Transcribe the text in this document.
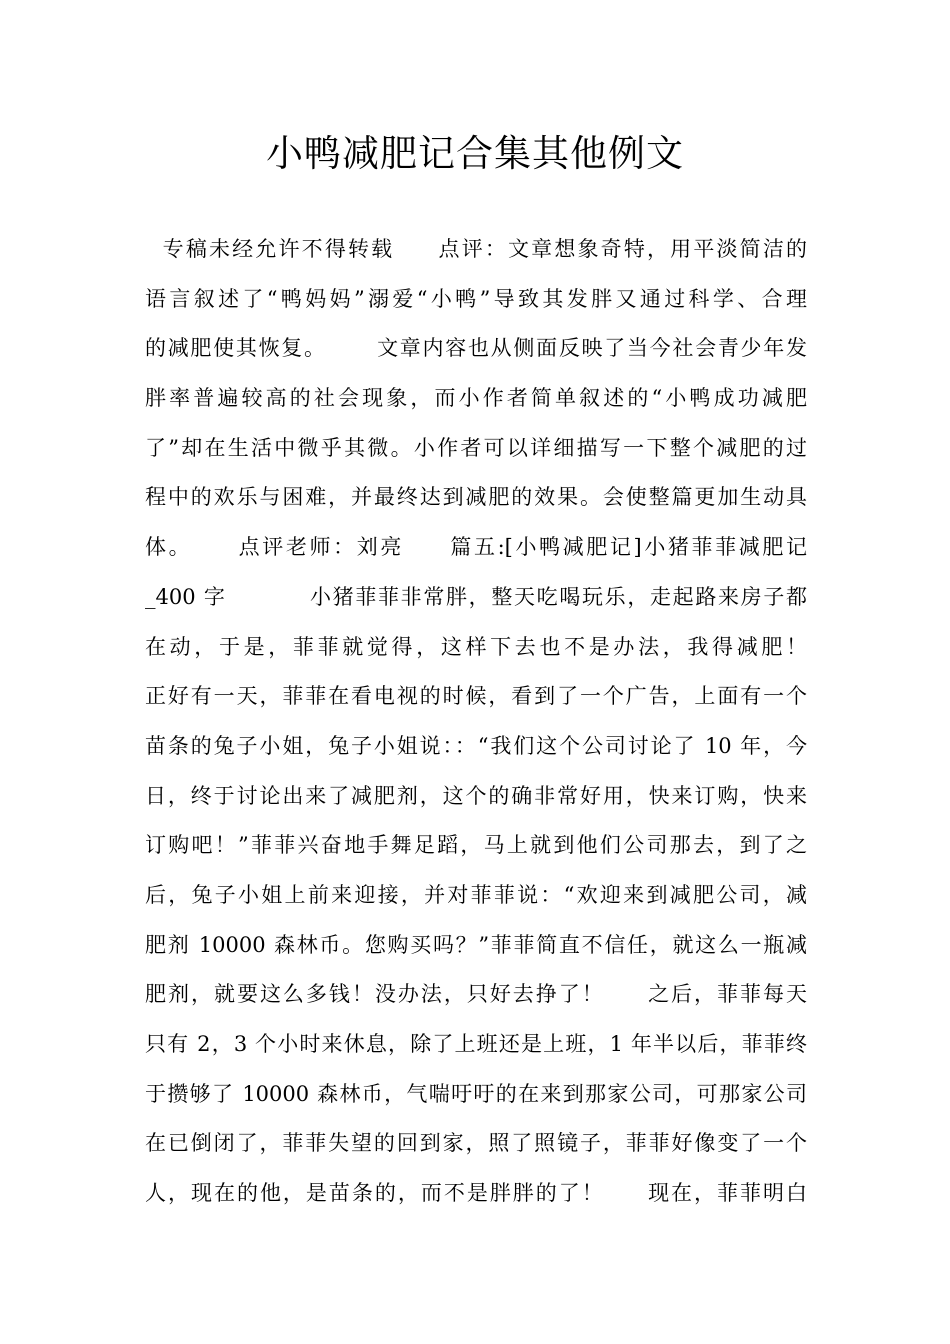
小鸭减肥记合集其他例文
专稿未经允许不得转载     点评：文章想象奇特，用平淡简洁的
语言叙述了“鸭妈妈”溺爱“小鸭”导致其发胖又通过科学、合理
的减肥使其恢复。      文章内容也从侧面反映了当今社会青少年发
胖率普遍较高的社会现象，而小作者简单叙述的“小鸭成功减肥
了”却在生活中微乎其微。小作者可以详细描写一下整个减肥的过
程中的欢乐与困难，并最终达到减肥的效果。会使整篇更加生动具
体。     点评老师：刘亮     篇五:[小鸭减肥记]小猪菲菲减肥记
_400 字          小猪菲菲非常胖，整天吃喝玩乐，走起路来房子都
在动，于是，菲菲就觉得，这样下去也不是办法，我得减肥！
正好有一天，菲菲在看电视的时候，看到了一个广告，上面有一个
苗条的兔子小姐，兔子小姐说：：“我们这个公司讨论了 10 年，今
日，终于讨论出来了减肥剂，这个的确非常好用，快来订购，快来
订购吧！”菲菲兴奋地手舞足蹈，马上就到他们公司那去，到了之
后，兔子小姐上前来迎接，并对菲菲说：“欢迎来到减肥公司，减
肥剂 10000 森林币。您购买吗？”菲菲简直不信任，就这么一瓶减
肥剂，就要这么多钱！没办法，只好去挣了！     之后，菲菲每天
只有 2，3 个小时来休息，除了上班还是上班，1 年半以后，菲菲终
于攒够了 10000 森林币，气喘吁吁的在来到那家公司，可那家公司
在已倒闭了，菲菲失望的回到家，照了照镜子，菲菲好像变了一个
人，现在的他，是苗条的，而不是胖胖的了！     现在，菲菲明白
